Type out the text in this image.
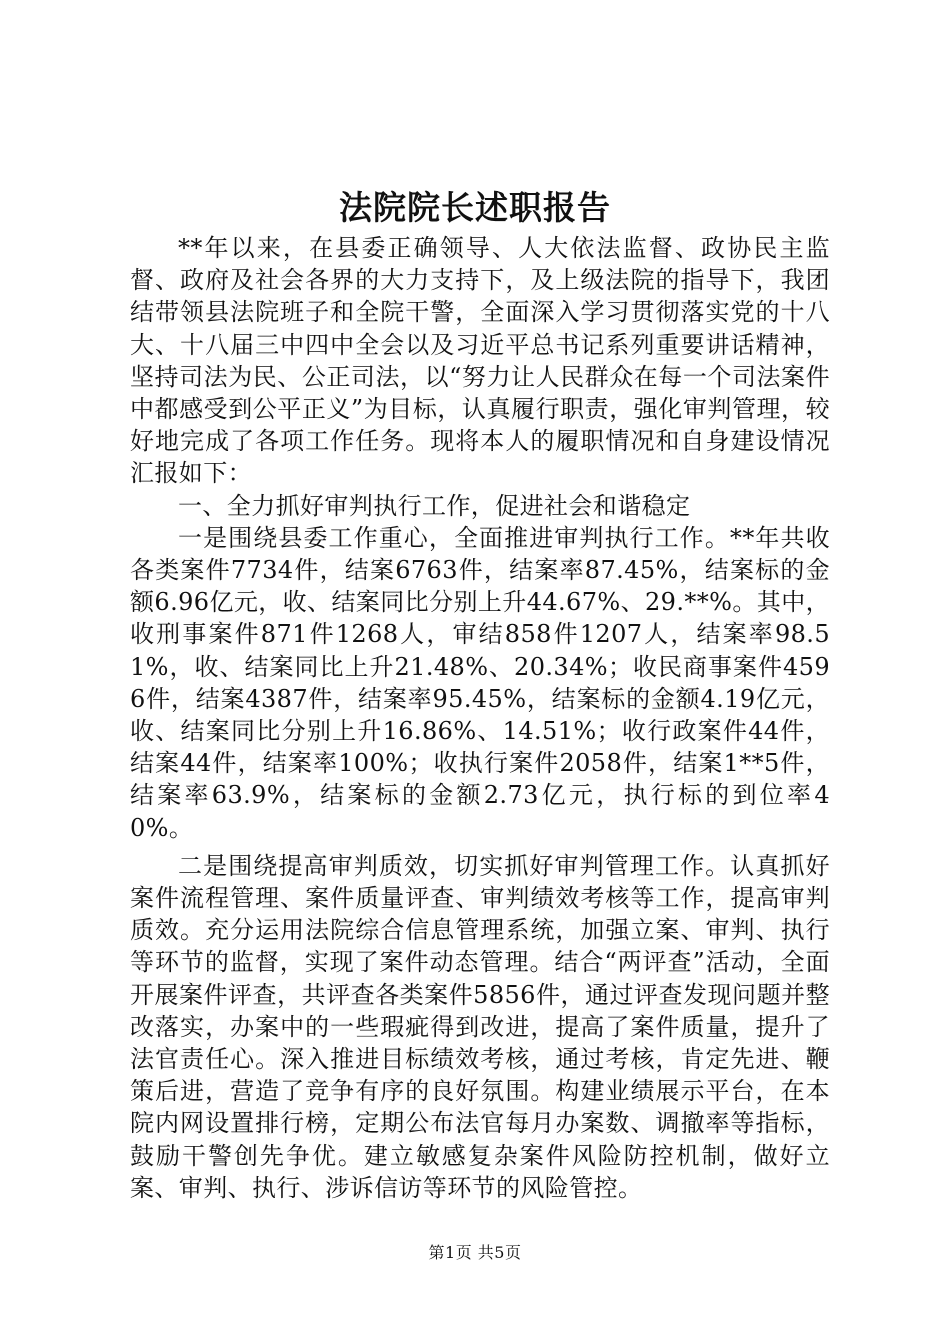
法院院长述职报告

**年以来，在县委正确领导、人大依法监督、政协民主监督、政府及社会各界的大力支持下，及上级法院的指导下，我团结带领县法院班子和全院干警，全面深入学习贯彻落实党的十八大、十八届三中四中全会以及习近平总书记系列重要讲话精神，坚持司法为民、公正司法，以“努力让人民群众在每一个司法案件中都感受到公平正义”为目标，认真履行职责，强化审判管理，较好地完成了各项工作任务。现将本人的履职情况和自身建设情况汇报如下：

一、全力抓好审判执行工作，促进社会和谐稳定

一是围绕县委工作重心，全面推进审判执行工作。**年共收各类案件7734件，结案6763件，结案率87.45%，结案标的金额6.96亿元，收、结案同比分别上升44.67%、29.**%。其中，收刑事案件871件1268人，审结858件1207人，结案率98.51%，收、结案同比上升21.48%、20.34%；收民商事案件4596件，结案4387件，结案率95.45%，结案标的金额4.19亿元，收、结案同比分别上升16.86%、14.51%；收行政案件44件，结案44件，结案率100%；收执行案件2058件，结案1**5件，结案率63.9%，结案标的金额2.73亿元，执行标的到位率40%。

二是围绕提高审判质效，切实抓好审判管理工作。认真抓好案件流程管理、案件质量评查、审判绩效考核等工作，提高审判质效。充分运用法院综合信息管理系统，加强立案、审判、执行等环节的监督，实现了案件动态管理。结合“两评查”活动，全面开展案件评查，共评查各类案件5856件，通过评查发现问题并整改落实，办案中的一些瑕疵得到改进，提高了案件质量，提升了法官责任心。深入推进目标绩效考核，通过考核，肯定先进、鞭策后进，营造了竞争有序的良好氛围。构建业绩展示平台，在本院内网设置排行榜，定期公布法官每月办案数、调撤率等指标，鼓励干警创先争优。建立敏感复杂案件风险防控机制，做好立案、审判、执行、涉诉信访等环节的风险管控。

第1页 共5页
